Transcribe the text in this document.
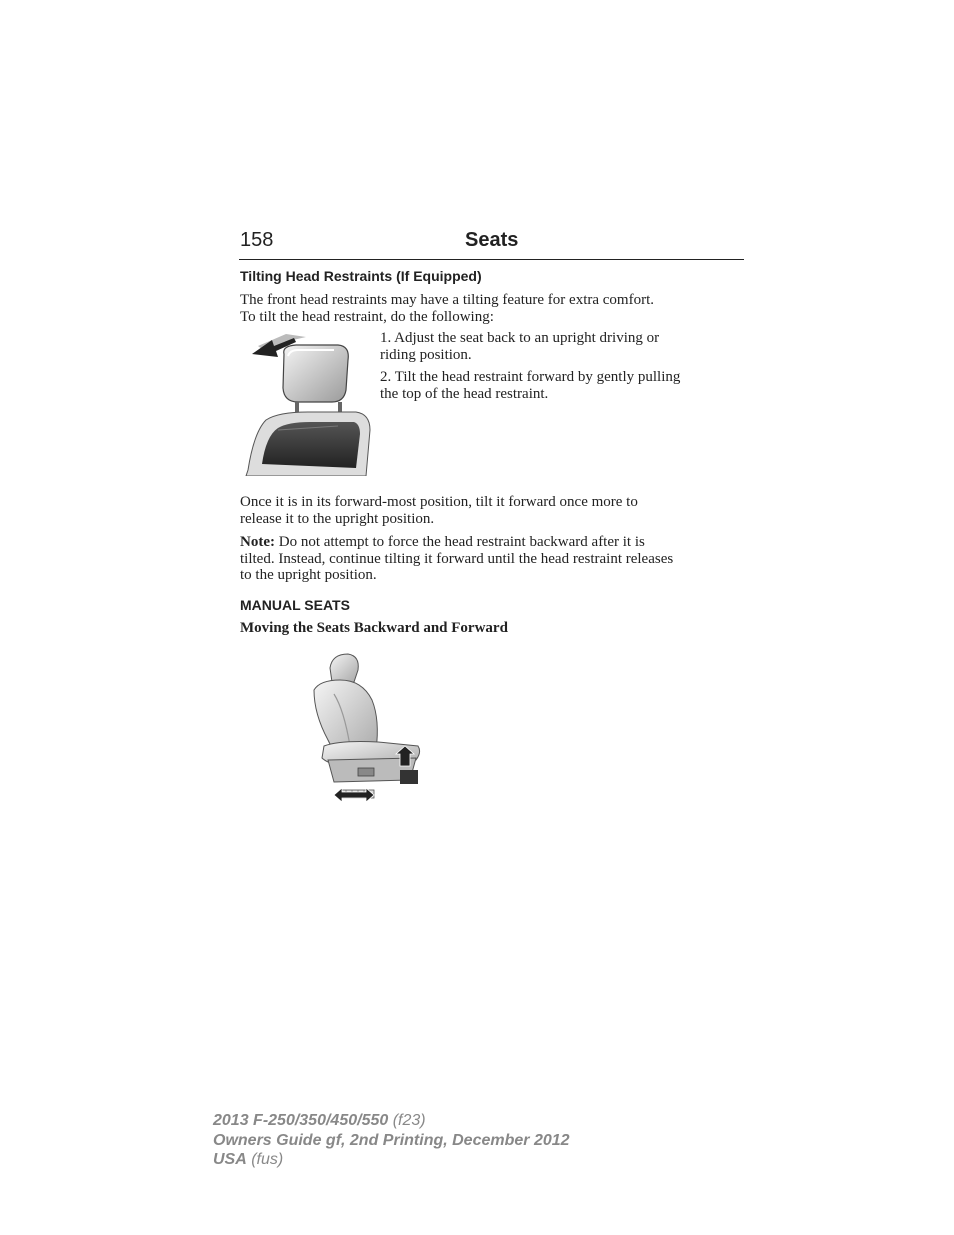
158	Seats
Tilting Head Restraints (If Equipped)
The front head restraints may have a tilting feature for extra comfort.
To tilt the head restraint, do the following:
1. Adjust the seat back to an upright driving or
riding position.
2. Tilt the head restraint forward by gently pulling
the top of the head restraint.
Once it is in its forward-most position, tilt it forward once more to
release it to the upright position.
Note: Do not attempt to force the head restraint backward after it is
tilted. Instead, continue tilting it forward until the head restraint releases
to the upright position.
MANUAL SEATS
Moving the Seats Backward and Forward
2013 F-250/350/450/550 (f23)
Owners Guide gf, 2nd Printing, December 2012
USA (fus)
